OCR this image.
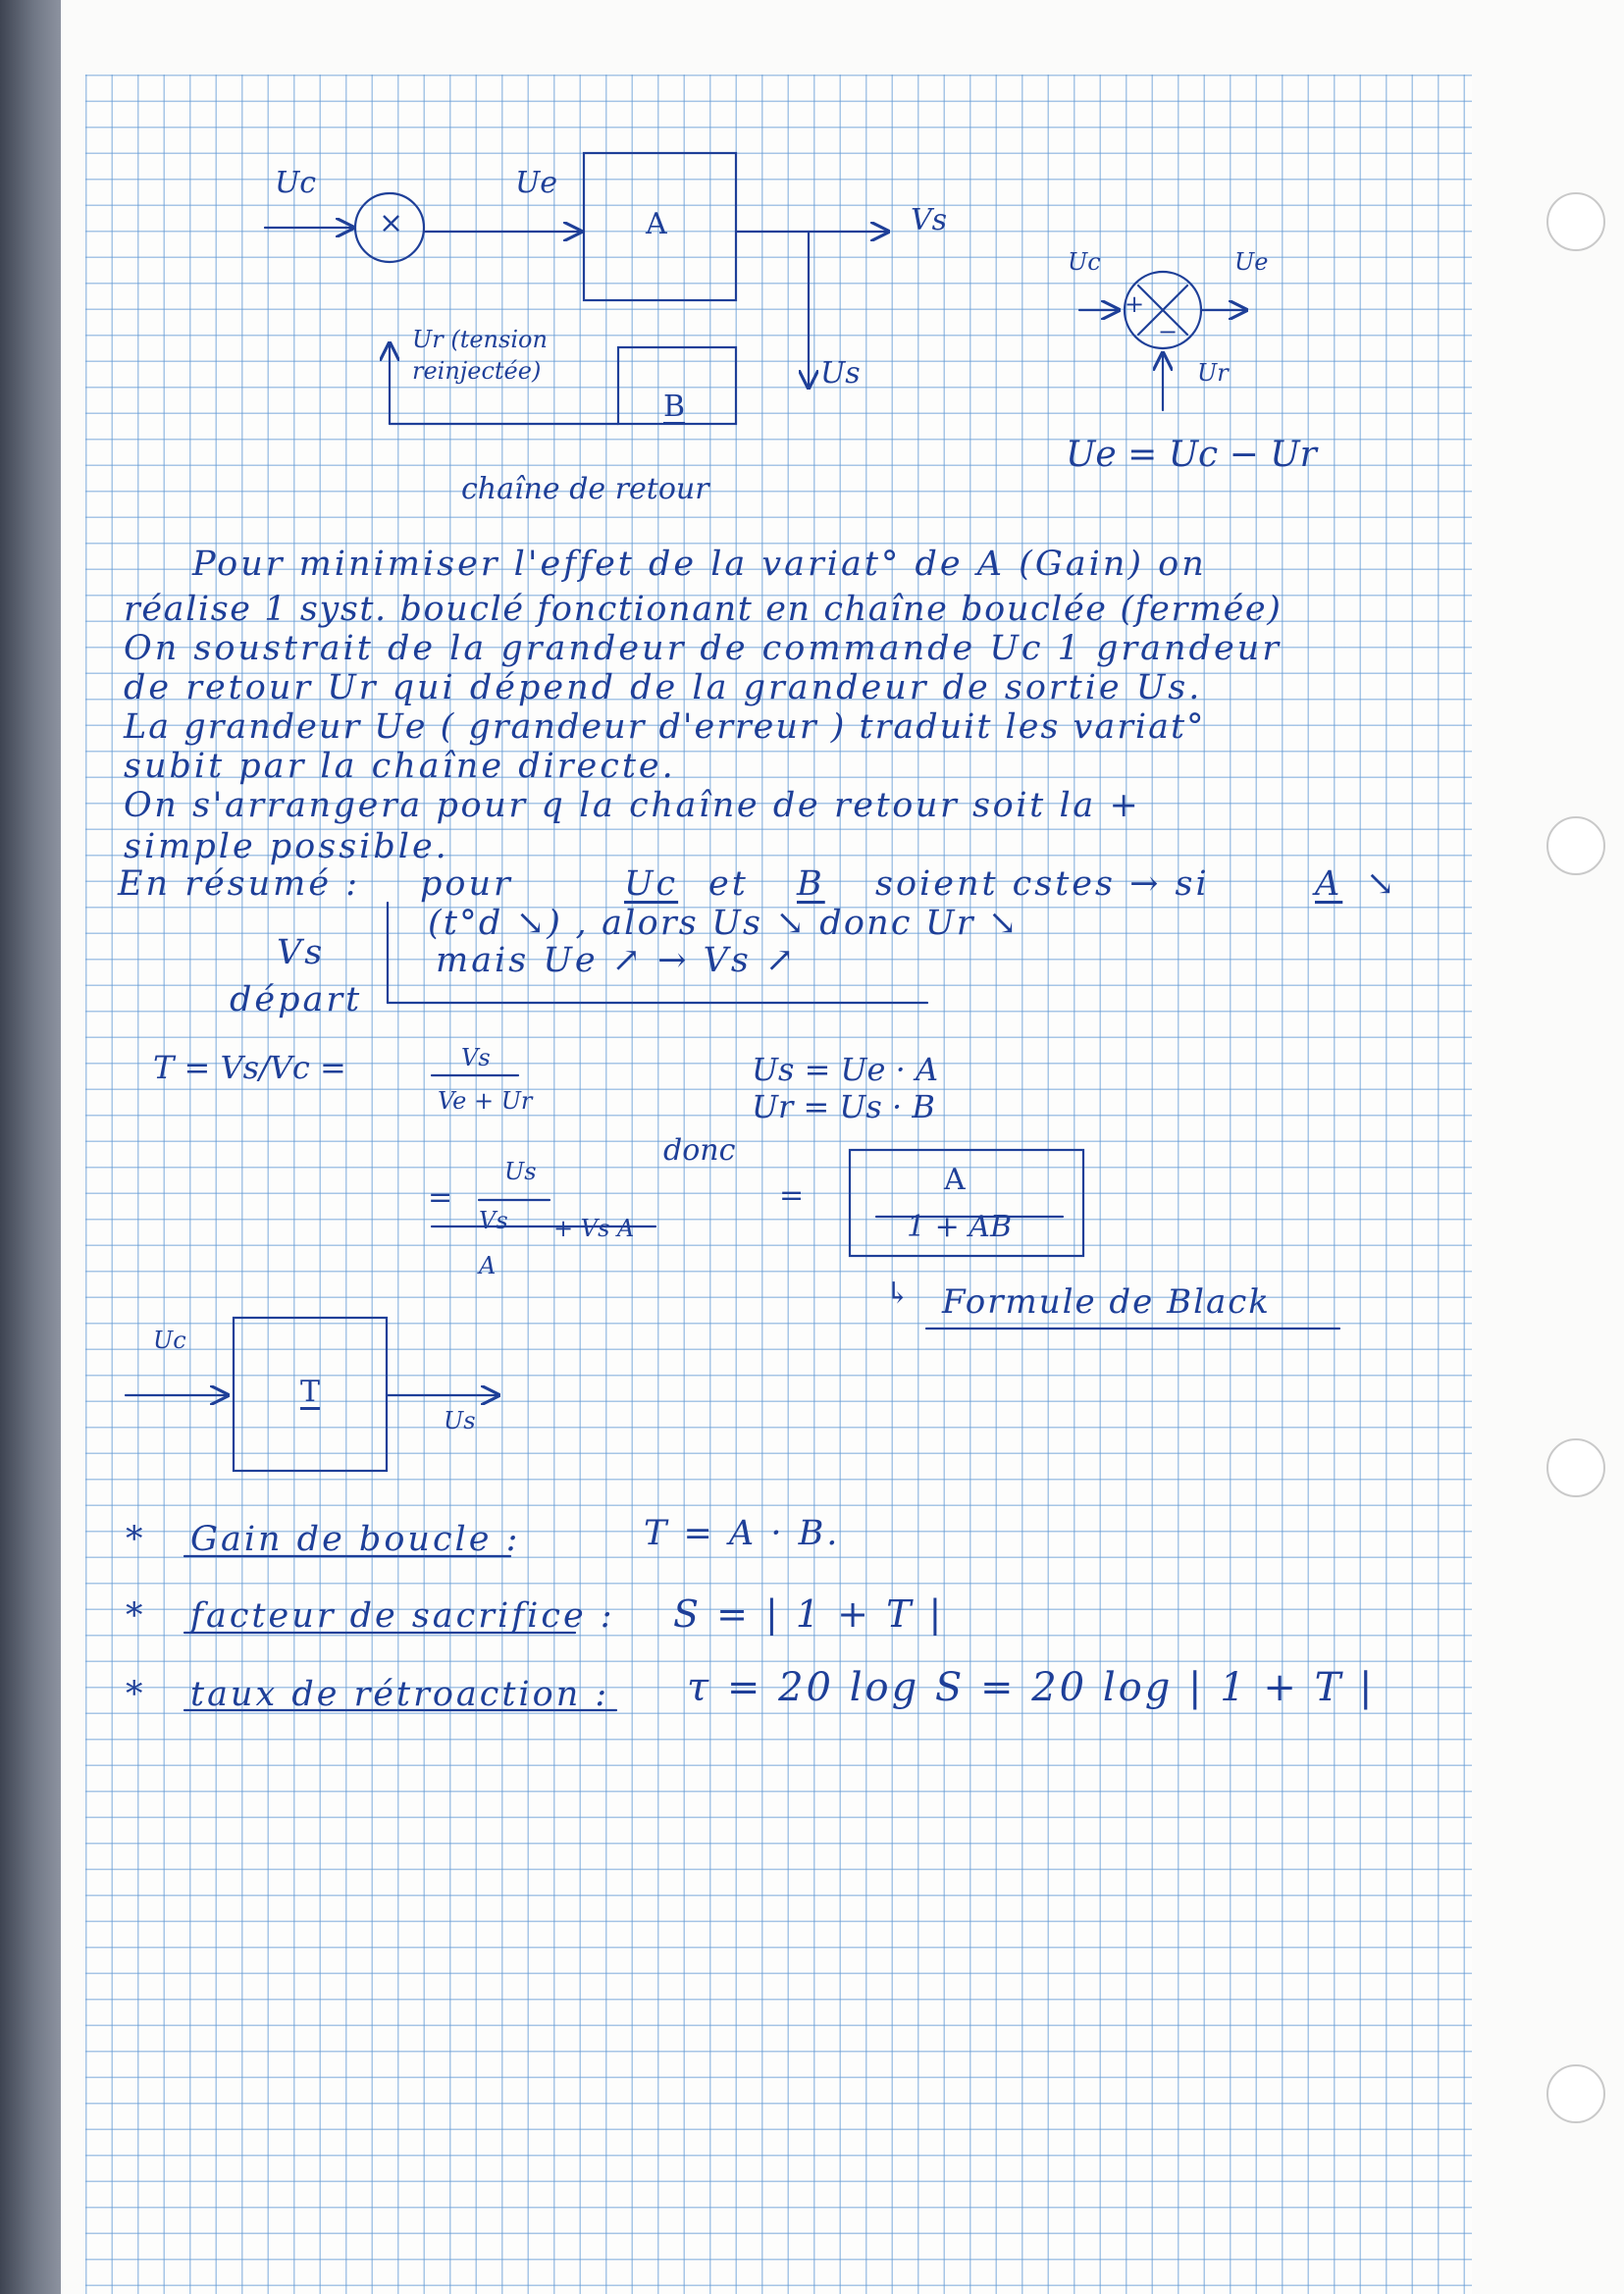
Uc	Ue
×	A	Vs
Us
Ur (tension
reinjectée)
B
chaîne de retour
Uc	Ue
+
−
Ur
Ue = Uc − Ur
Pour minimiser l'effet de la variat° de A (Gain) on
réalise 1 syst. bouclé fonctionant en chaîne bouclée (fermée)
On soustrait de la grandeur de commande Uc 1 grandeur
de retour Ur qui dépend de la grandeur de sortie Us.
La grandeur Ue ( grandeur d'erreur ) traduit les variat°
subit par la chaîne directe.
On s'arrangera pour q la chaîne de retour soit la +
simple possible.
En résumé : pour	Uc et B soient cstes → si	A ↘
(t°d ↘) , alors Us ↘ donc Ur ↘
Vs	mais Ue ↗ → Vs ↗
départ
T = Vs/Vc =	Vs
Ve + Ur
Us = Ue · A
Ur = Us · B
donc
=
Us
Vs + Vs A
A
=	A
1 + AB
↳ Formule de Black
Uc
T
Us
* Gain de boucle :	T = A · B.
* facteur de sacrifice : S = | 1 + T |
* taux de rétroaction : τ = 20 log S = 20 log | 1 + T |
